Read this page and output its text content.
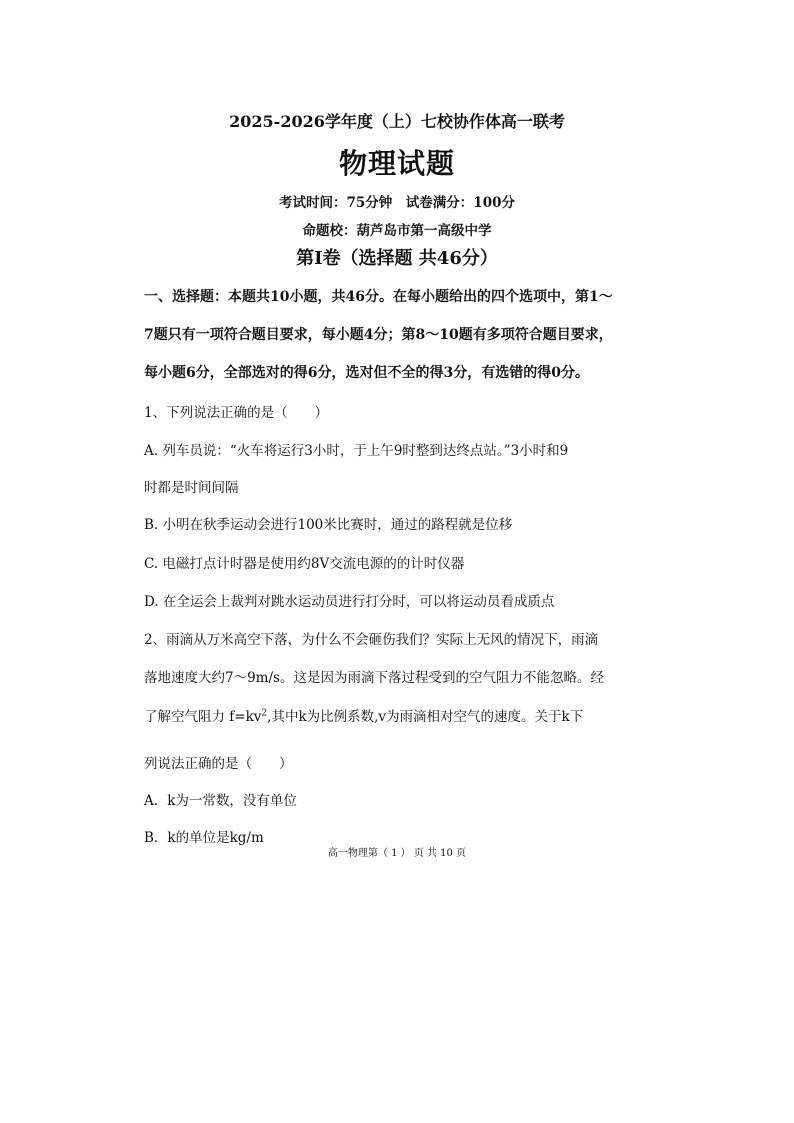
2025-2026学年度（上）七校协作体高一联考
物理试题
考试时间：75分钟　试卷满分：100分
命题校：葫芦岛市第一高级中学
第Ⅰ卷（选择题 共46分）
一、选择题：本题共10小题，共46分。在每小题给出的四个选项中，第1～
7题只有一项符合题目要求，每小题4分；第8～10题有多项符合题目要求，
每小题6分，全部选对的得6分，选对但不全的得3分，有选错的得0分。
1、下列说法正确的是（　　）
A. 列车员说：“火车将运行3小时，于上午9时整到达终点站。”3小时和9
时都是时间间隔
B. 小明在秋季运动会进行100米比赛时，通过的路程就是位移
C. 电磁打点计时器是使用约8V交流电源的的计时仪器
D. 在全运会上裁判对跳水运动员进行打分时，可以将运动员看成质点
2、雨滴从万米高空下落，为什么不会砸伤我们？实际上无风的情况下，雨滴
落地速度大约7～9m/s。这是因为雨滴下落过程受到的空气阻力不能忽略。经
了解空气阻力 $f=kv^2$,其中k为比例系数,v为雨滴相对空气的速度。关于k下
列说法正确的是（　　）
A．k为一常数，没有单位
B．k的单位是kg/m
高一物理第（ 1 ） 页 共 10 页
